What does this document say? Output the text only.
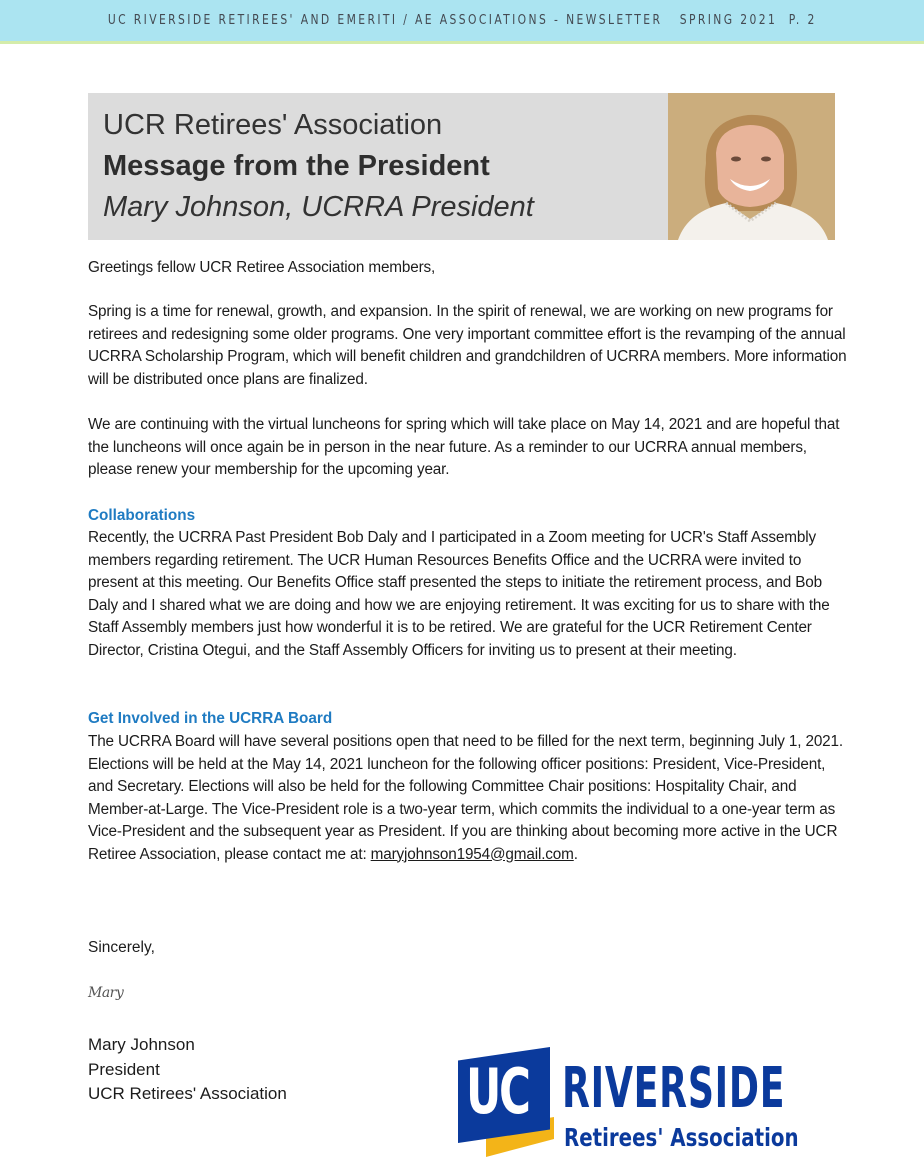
UC RIVERSIDE RETIREES' AND EMERITI / AE ASSOCIATIONS - NEWSLETTER   SPRING 2021  P. 2
UCR Retirees' Association
Message from the President
Mary Johnson, UCRRA President
Greetings fellow UCR Retiree Association members,
Spring is a time for renewal, growth, and expansion. In the spirit of renewal, we are working on new programs for retirees and redesigning some older programs. One very important committee effort is the revamping of the annual UCRRA Scholarship Program, which will benefit children and grandchildren of UCRRA members. More information will be distributed once plans are finalized.
We are continuing with the virtual luncheons for spring which will take place on May 14, 2021 and are hopeful that the luncheons will once again be in person in the near future. As a reminder to our UCRRA annual members, please renew your membership for the upcoming year.
Collaborations
Recently, the UCRRA Past President Bob Daly and I participated in a Zoom meeting for UCR's Staff Assembly members regarding retirement. The UCR Human Resources Benefits Office and the UCRRA were invited to present at this meeting. Our Benefits Office staff presented the steps to initiate the retirement process, and Bob Daly and I shared what we are doing and how we are enjoying retirement. It was exciting for us to share with the Staff Assembly members just how wonderful it is to be retired. We are grateful for the UCR Retirement Center Director, Cristina Otegui, and the Staff Assembly Officers for inviting us to present at their meeting.
Get Involved in the UCRRA Board
The UCRRA Board will have several positions open that need to be filled for the next term, beginning July 1, 2021. Elections will be held at the May 14, 2021 luncheon for the following officer positions: President, Vice-President, and Secretary. Elections will also be held for the following Committee Chair positions: Hospitality Chair, and Member-at-Large. The Vice-President role is a two-year term, which commits the individual to a one-year term as Vice-President and the subsequent year as President. If you are thinking about becoming more active in the UCR Retiree Association, please contact me at: maryjohnson1954@gmail.com.
Sincerely,
Mary
Mary Johnson
President
UCR Retirees' Association	UC RIVERSIDE
Retirees' Association
